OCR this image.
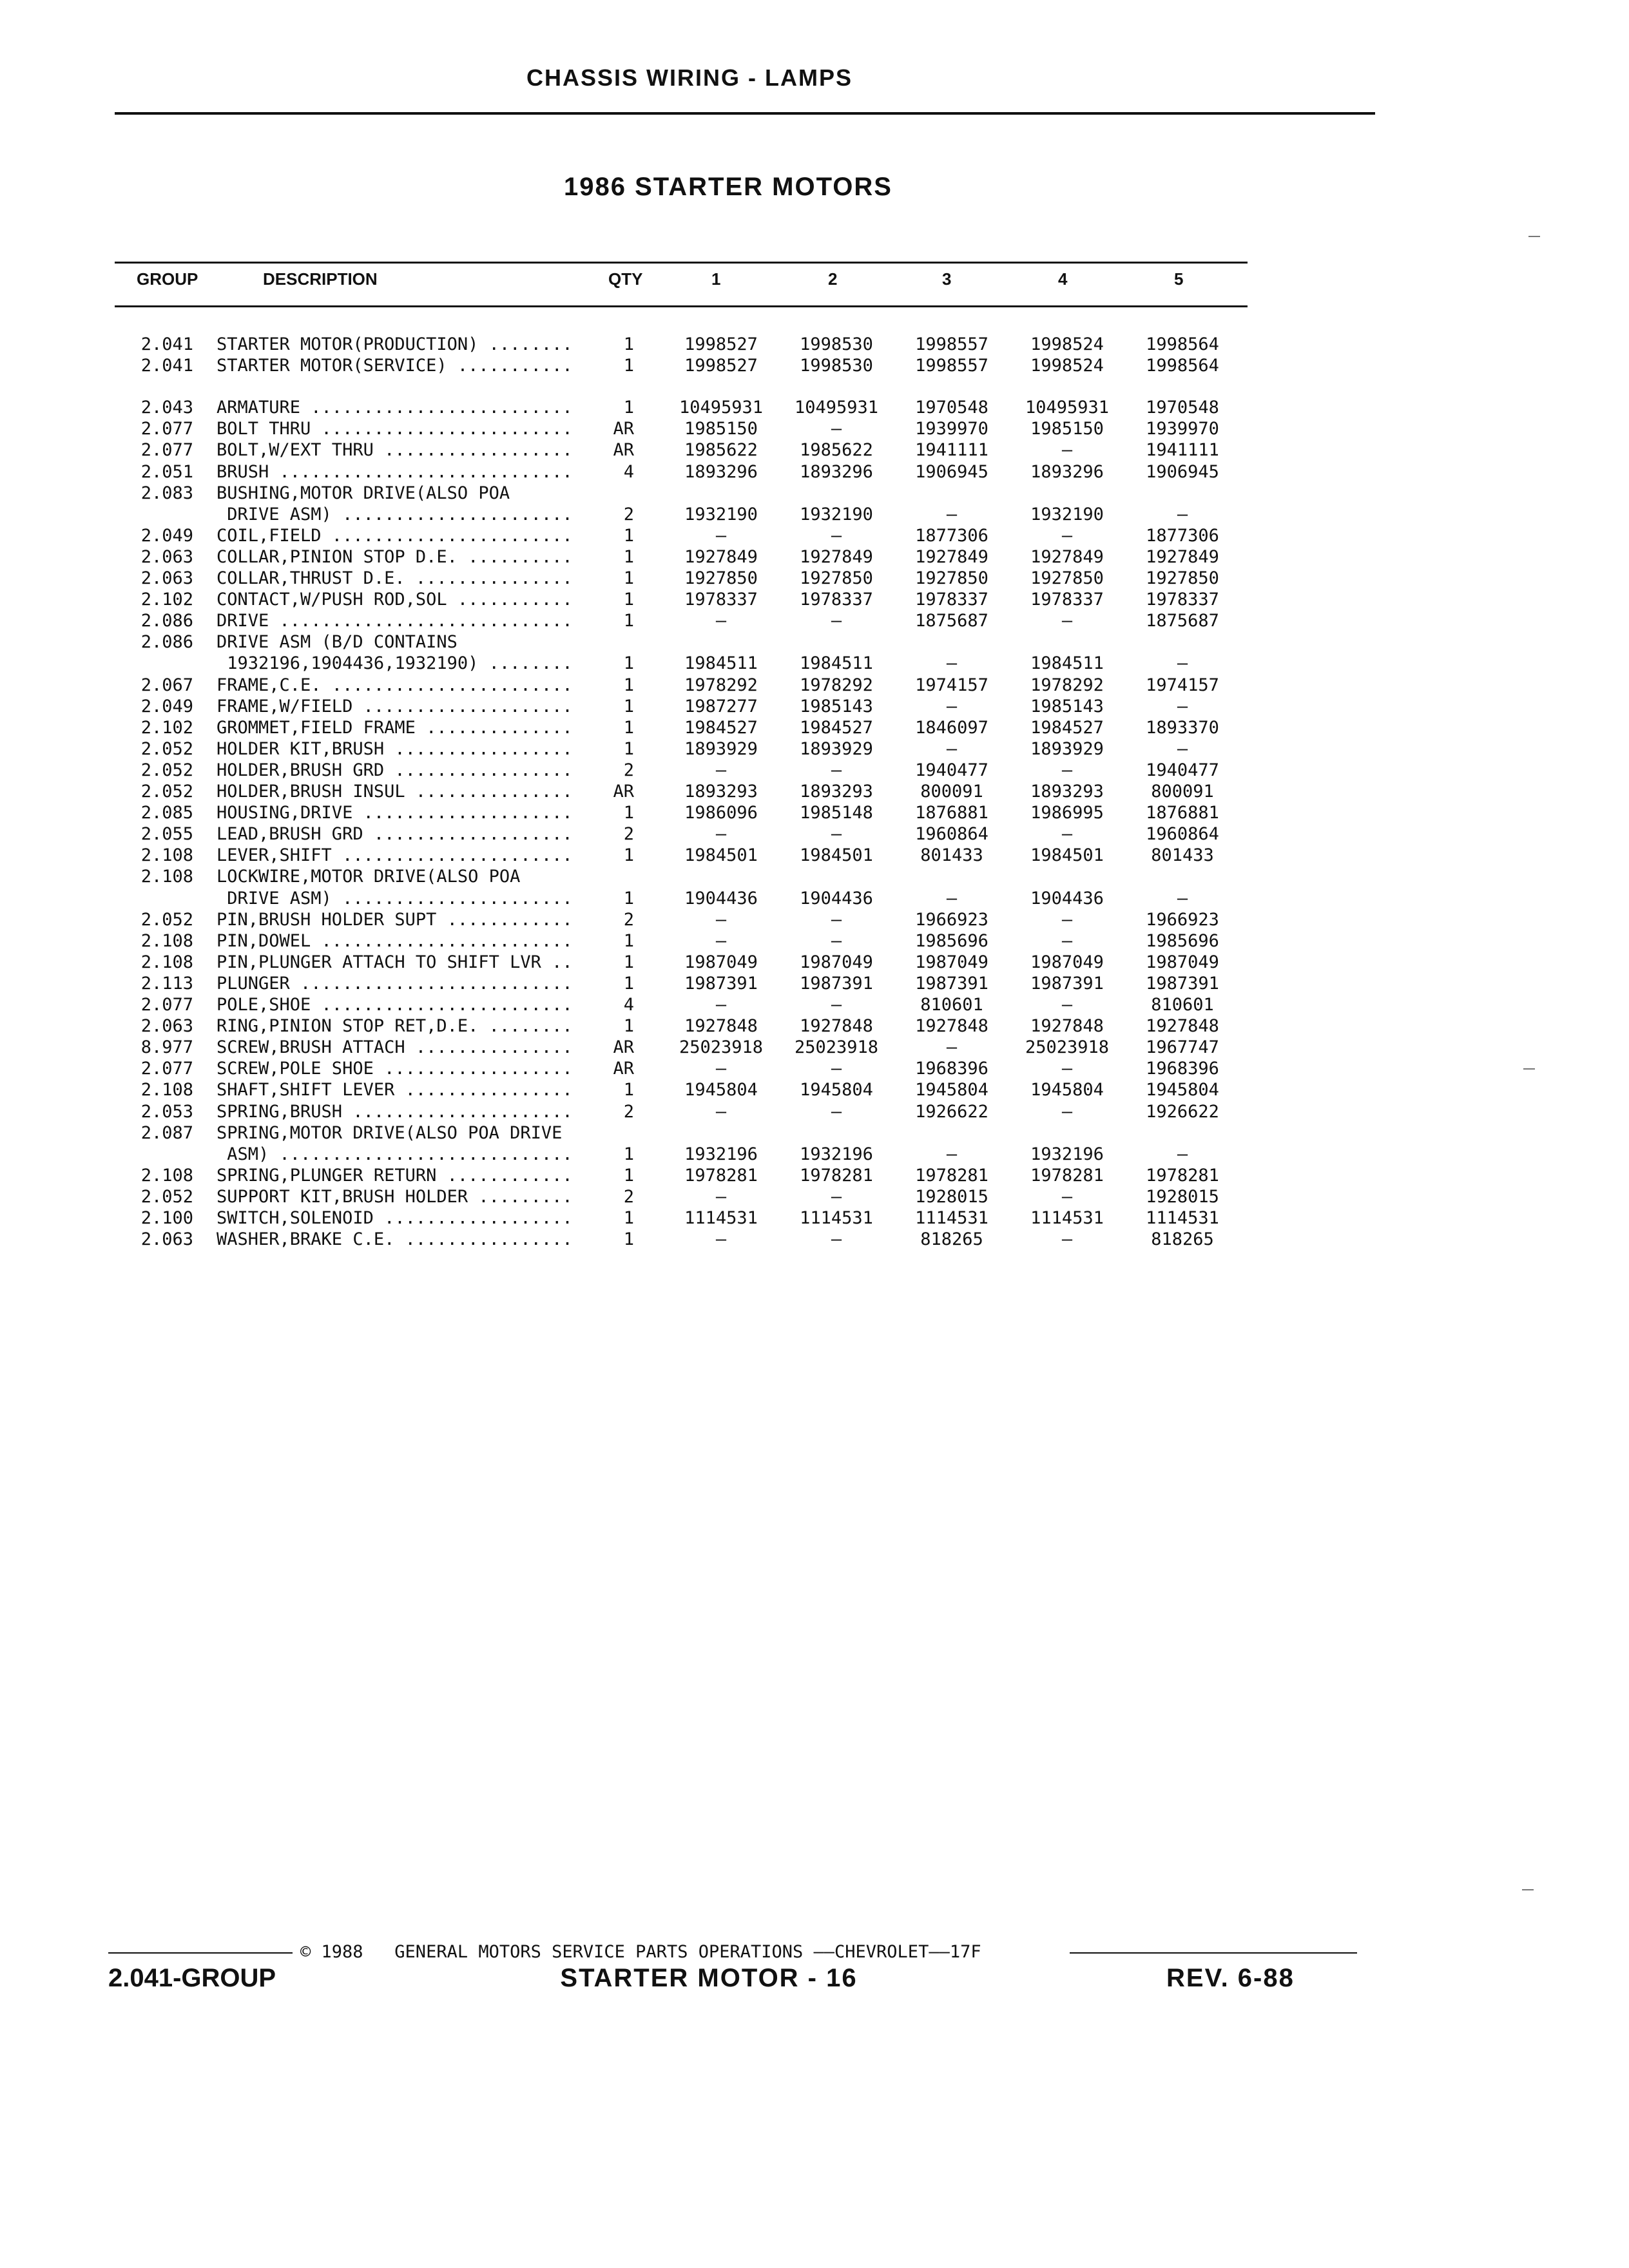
CHASSIS WIRING - LAMPS
1986 STARTER MOTORS
GROUP	DESCRIPTION	QTY	1	2	3	4	5
2.041 STARTER MOTOR(PRODUCTION) ........	1	1998527	1998530	1998557	1998524	1998564
2.041 STARTER MOTOR(SERVICE) ...........	1	1998527	1998530	1998557	1998524	1998564
2.043 ARMATURE .........................	1	10495931	10495931	1970548	10495931	1970548
2.077 BOLT THRU ........................	AR	1985150	—	1939970	1985150	1939970
2.077 BOLT,W/EXT THRU ..................	AR	1985622	1985622	1941111	—	1941111
2.051 BRUSH ............................	4	1893296	1893296	1906945	1893296	1906945
2.083 BUSHING,MOTOR DRIVE(ALSO POA
DRIVE ASM) ......................	2	1932190	1932190	—	1932190	—
2.049 COIL,FIELD .......................	1	—	—	1877306	—	1877306
2.063 COLLAR,PINION STOP D.E. ..........	1	1927849	1927849	1927849	1927849	1927849
2.063 COLLAR,THRUST D.E. ...............	1	1927850	1927850	1927850	1927850	1927850
2.102 CONTACT,W/PUSH ROD,SOL ...........	1	1978337	1978337	1978337	1978337	1978337
2.086 DRIVE ............................	1	—	—	1875687	—	1875687
2.086 DRIVE ASM (B/D CONTAINS
1932196,1904436,1932190) ........	1	1984511	1984511	—	1984511	—
2.067 FRAME,C.E. .......................	1	1978292	1978292	1974157	1978292	1974157
2.049 FRAME,W/FIELD ....................	1	1987277	1985143	—	1985143	—
2.102 GROMMET,FIELD FRAME ..............	1	1984527	1984527	1846097	1984527	1893370
2.052 HOLDER KIT,BRUSH .................	1	1893929	1893929	—	1893929	—
2.052 HOLDER,BRUSH GRD .................	2	—	—	1940477	—	1940477
2.052 HOLDER,BRUSH INSUL ...............	AR	1893293	1893293	800091	1893293	800091
2.085 HOUSING,DRIVE ....................	1	1986096	1985148	1876881	1986995	1876881
2.055 LEAD,BRUSH GRD ...................	2	—	—	1960864	—	1960864
2.108 LEVER,SHIFT ......................	1	1984501	1984501	801433	1984501	801433
2.108 LOCKWIRE,MOTOR DRIVE(ALSO POA
DRIVE ASM) ......................	1	1904436	1904436	—	1904436	—
2.052 PIN,BRUSH HOLDER SUPT ............	2	—	—	1966923	—	1966923
2.108 PIN,DOWEL ........................	1	—	—	1985696	—	1985696
2.108 PIN,PLUNGER ATTACH TO SHIFT LVR ..	1	1987049	1987049	1987049	1987049	1987049
2.113 PLUNGER ..........................	1	1987391	1987391	1987391	1987391	1987391
2.077 POLE,SHOE ........................	4	—	—	810601	—	810601
2.063 RING,PINION STOP RET,D.E. ........	1	1927848	1927848	1927848	1927848	1927848
8.977 SCREW,BRUSH ATTACH ...............	AR	25023918	25023918	—	25023918	1967747
2.077 SCREW,POLE SHOE ..................	AR	—	—	1968396	—	1968396
2.108 SHAFT,SHIFT LEVER ................	1	1945804	1945804	1945804	1945804	1945804
2.053 SPRING,BRUSH .....................	2	—	—	1926622	—	1926622
2.087 SPRING,MOTOR DRIVE(ALSO POA DRIVE
ASM) ............................	1	1932196	1932196	—	1932196	—
2.108 SPRING,PLUNGER RETURN ............	1	1978281	1978281	1978281	1978281	1978281
2.052 SUPPORT KIT,BRUSH HOLDER .........	2	—	—	1928015	—	1928015
2.100 SWITCH,SOLENOID ..................	1	1114531	1114531	1114531	1114531	1114531
2.063 WASHER,BRAKE C.E. ................	1	—	—	818265	—	818265
© 1988   GENERAL MOTORS SERVICE PARTS OPERATIONS ——CHEVROLET——17F
2.041-GROUP	STARTER MOTOR - 16	REV. 6-88
